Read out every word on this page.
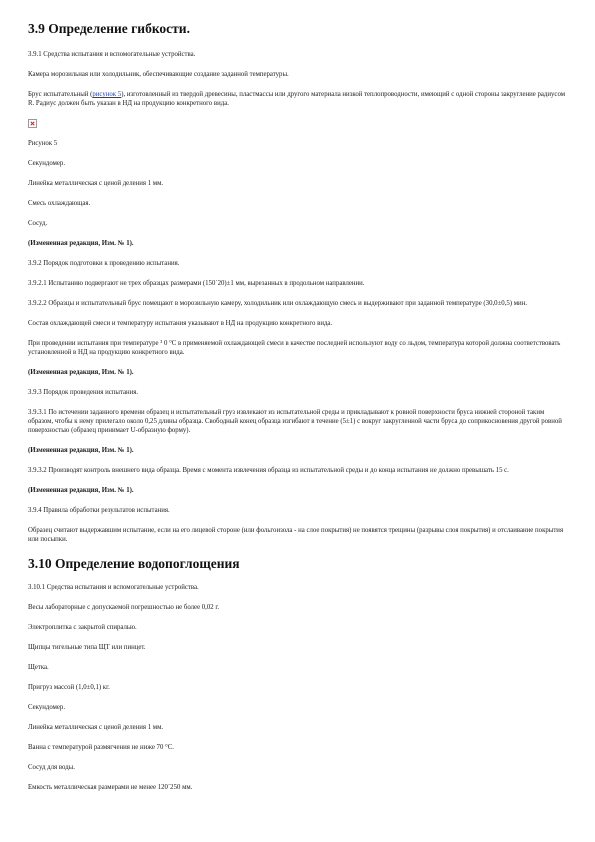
3.9 Определение гибкости.

3.9.1 Средства испытания и вспомогательные устройства.

Камера морозильная или холодильник, обеспечивающие создание заданной температуры.

Брус испытательный (рисунок 5), изготовленный из твердой древесины, пластмассы или другого материала низкой теплопроводности, имеющий с одной стороны закругление радиусом R. Радиус должен быть указан в НД на продукцию конкретного вида.

Рисунок 5

Секундомер.

Линейка металлическая с ценой деления 1 мм.

Смесь охлаждающая.

Сосуд.

(Измененная редакция, Изм. № 1).

3.9.2 Порядок подготовки к проведению испытания.

3.9.2.1 Испытанию подвергают не трех образцах размерами (150´20)±1 мм, вырезанных в продольном направлении.

3.9.2.2 Образцы и испытательный брус помещают в морозильную камеру, холодильник или охлаждающую смесь и выдерживают при заданной температуре (30,0±0,5) мин.

Состав охлаждающей смеси и температуру испытания указывают в НД на продукцию конкретного вида.

При проведении испытания при температуре ³ 0 °С в применяемой охлаждающей смеси в качестве последней используют воду со льдом, температура которой должна соответствовать установленной в НД на продукцию конкретного вида.

(Измененная редакция, Изм. № 1).

3.9.3 Порядок проведения испытания.

3.9.3.1 По истечении заданного времени образец и испытательный груз извлекают из испытательной среды и прикладывают к ровной поверхности бруса нижней стороной таким образом, чтобы к нему прилегало около 0,25 длины образца. Свободный конец образца изгибают в течение (5±1) с вокруг закругленной части бруса до соприкосновения другой ровной поверхностью (образец принимает U-образную форму).

(Измененная редакция, Изм. № 1).

3.9.3.2 Производят контроль внешнего вида образца. Время с момента извлечения образца из испытательной среды и до конца испытания не должно превышать 15 с.

(Измененная редакция, Изм. № 1).

3.9.4 Правила обработки результатов испытания.

Образец считают выдержавшим испытание, если на его лицевой стороне (или фольгоизола - на слое покрытия) не появятся трещины (разрывы слоя покрытия) и отслаивание покрытия или посыпки.

3.10 Определение водопоглощения

3.10.1 Средства испытания и вспомогательные устройства.

Весы лабораторные с допускаемой погрешностью не более 0,02 г.

Электроплитка с закрытой спиралью.

Щипцы тигельные типа ЩТ или пинцет.

Щетка.

Пригруз массой (1,0±0,1) кг.

Секундомер.

Линейка металлическая с ценой деления 1 мм.

Ванна с температурой размягчения не ниже 70 °С.

Сосуд для воды.

Емкость металлическая размерами не менее 120´250 мм.
